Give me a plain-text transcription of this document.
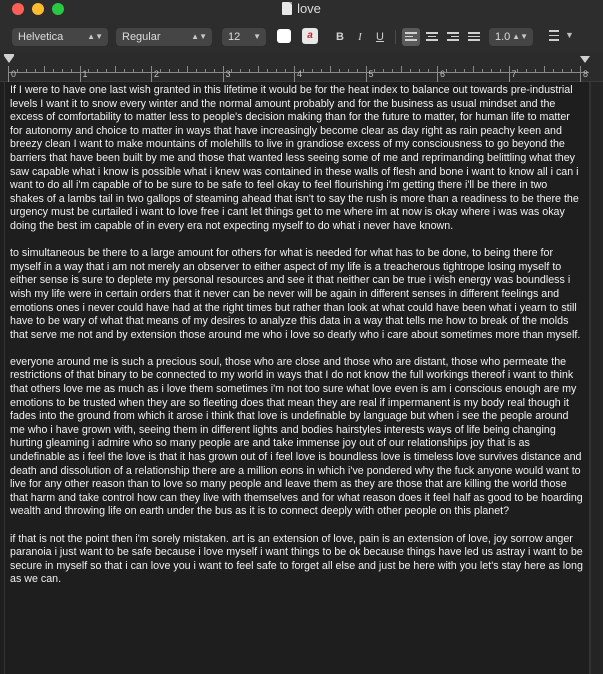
love
Helvetica	▲▼	Regular	▲▼	12 ▼	a	B	I	U	1.0 ▲▼	▼
0	1	2	3	4	5	6	7	8

If I were to have one last wish granted in this lifetime it would be for the heat index to balance out towards pre-industrial levels I want it to snow every winter and the normal amount probably and for the business as usual mindset and the excess of comfortability to matter less to people's decision making than for the future to matter, for human life to matter for autonomy and choice to matter in ways that have increasingly become clear as day right as rain peachy keen and breezy clean I want to make mountains of molehills to live in grandiose excess of my consciousness to go beyond the barriers that have been built by me and those that wanted less seeing some of me and reprimanding belittling what they saw capable what i know is possible what i knew was contained in these walls of flesh and bone i want to know all i can i want to do all i'm capable of to be sure to be safe to feel okay to feel flourishing i'm getting there i'll be there in two shakes of a lambs tail in two gallops of steaming ahead that isn't to say the rush is more than a readiness to be there the urgency must be curtailed i want to love free i cant let things get to me where im at now is okay where i was was okay doing the best im capable of in every era not expecting myself to do what i never have known.

to simultaneous be there to a large amount for others for what is needed for what has to be done, to being there for myself in a way that i am not merely an observer to either aspect of my life is a treacherous tightrope losing myself to either sense is sure to deplete my personal resources and see it that neither can be true i wish energy was boundless i wish my life were in certain orders that it never can be never will be again in different senses in different feelings and emotions ones i never could have had at the right times but rather than look at what could have been what i yearn to still have to be wary of what that means of my desires to analyze this data in a way that tells me how to break of the molds that serve me not and by extension those around me who i love so dearly who i care about sometimes more than myself.

everyone around me is such a precious soul, those who are close and those who are distant, those who permeate the restrictions of that binary to be connected to my world in ways that I do not know the full workings thereof i want to think that others love me as much as i love them sometimes i'm not too sure what love even is am i conscious enough are my emotions to be trusted when they are so fleeting does that mean they are real if impermanent is my body real though it fades into the ground from which it arose i think that love is undefinable by language but when i see the people around me who i have grown with, seeing them in different lights and bodies hairstyles interests ways of life being changing hurting gleaming i admire who so many people are and take immense joy out of our relationships joy that is as undefinable as i feel the love is that it has grown out of i feel love is boundless love is timeless love survives distance and death and dissolution of a relationship there are a million eons in which i've pondered why the fuck anyone would want to live for any other reason than to love so many people and leave them as they are those that are killing the world those that harm and take control how can they live with themselves and for what reason does it feel half as good to be hoarding wealth and throwing life on earth under the bus as it is to connect deeply with other people on this planet?

if that is not the point then i'm sorely mistaken. art is an extension of love, pain is an extension of love, joy sorrow anger paranoia i just want to be safe because i love myself i want things to be ok because things have led us astray i want to be secure in myself so that i can love you i want to feel safe to forget all else and just be here with you let's stay here as long as we can.
